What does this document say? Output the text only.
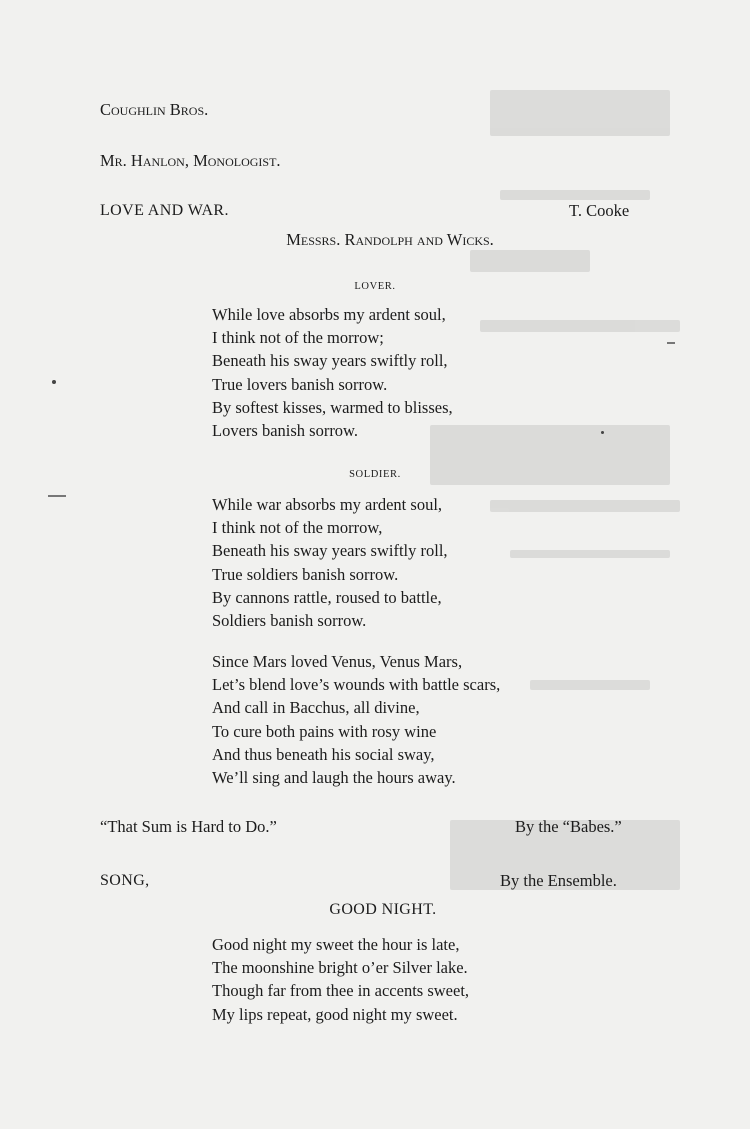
Coughlin Bros.

Mr. Hanlon, Monologist.

LOVE AND WAR.	T. Cooke

Messrs. Randolph and Wicks.

LOVER.

While love absorbs my ardent soul,
I think not of the morrow;
Beneath his sway years swiftly roll,
True lovers banish sorrow.
By softest kisses, warmed to blisses,
Lovers banish sorrow.

SOLDIER.

While war absorbs my ardent soul,
I think not of the morrow,
Beneath his sway years swiftly roll,
True soldiers banish sorrow.
By cannons rattle, roused to battle,
Soldiers banish sorrow.
Since Mars loved Venus, Venus Mars,
Let’s blend love’s wounds with battle scars,
And call in Bacchus, all divine,
To cure both pains with rosy wine
And thus beneath his social sway,
We’ll sing and laugh the hours away.

“That Sum is Hard to Do.”	By the “Babes.”

SONG,	By the Ensemble.

GOOD NIGHT.

Good night my sweet the hour is late,
The moonshine bright o’er Silver lake.
Though far from thee in accents sweet,
My lips repeat, good night my sweet.
